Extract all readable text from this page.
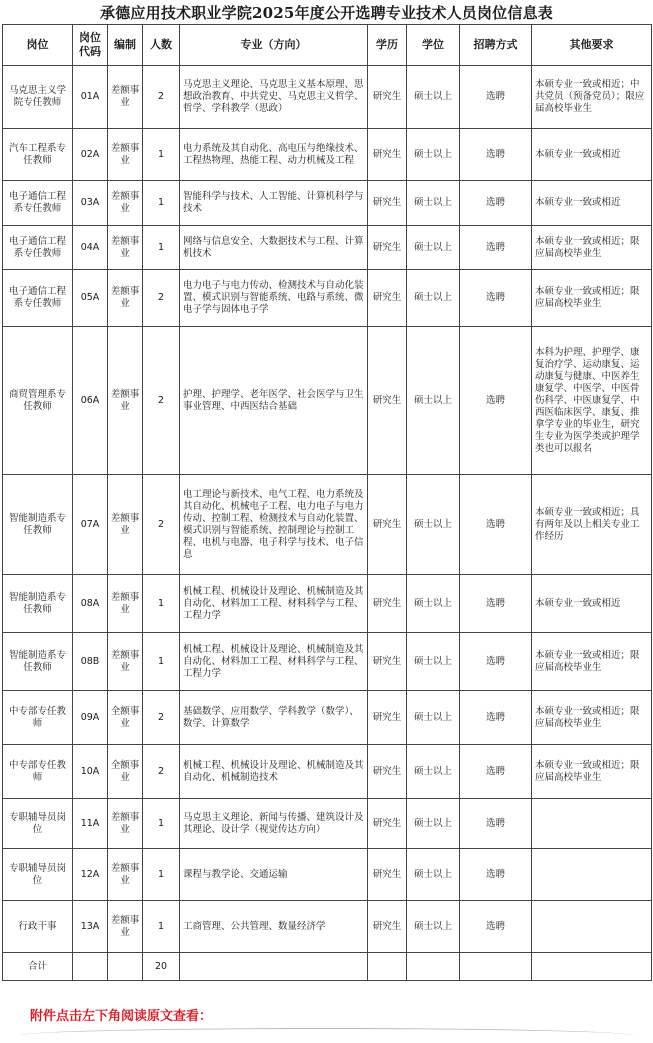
承德应用技术职业学院2025年度公开选聘专业技术人员岗位信息表
岗位	岗位代码	编制	人数	专业（方向）	学历	学位	招聘方式	其他要求
马克思主义学院专任教师	01A	差额事业	2	马克思主义理论、马克思主义基本原理、思想政治教育、中共党史、马克思主义哲学、哲学、学科教学（思政）	研究生	硕士以上	选聘	本硕专业一致或相近；中共党员（预备党员）；限应届高校毕业生
汽车工程系专任教师	02A	差额事业	1	电力系统及其自动化、高电压与绝缘技术、工程热物理、热能工程、动力机械及工程	研究生	硕士以上	选聘	本硕专业一致或相近
电子通信工程系专任教师	03A	差额事业	1	智能科学与技术、人工智能、计算机科学与技术	研究生	硕士以上	选聘	本硕专业一致或相近
电子通信工程系专任教师	04A	差额事业	1	网络与信息安全、大数据技术与工程、计算机技术	研究生	硕士以上	选聘	本硕专业一致或相近；限应届高校毕业生
电子通信工程系专任教师	05A	差额事业	2	电力电子与电力传动、检测技术与自动化装置、模式识别与智能系统、电路与系统、微电子学与固体电子学	研究生	硕士以上	选聘	本硕专业一致或相近；限应届高校毕业生
商贸管理系专任教师	06A	差额事业	2	护理、护理学、老年医学、社会医学与卫生事业管理、中西医结合基础	研究生	硕士以上	选聘	本科为护理、护理学、康复治疗学、运动康复、运动康复与健康、中医养生康复学、中医学、中医骨伤科学、中医康复学、中西医临床医学、康复、推拿学专业的毕业生，研究生专业为医学类或护理学类也可以报名
智能制造系专任教师	07A	差额事业	2	电工理论与新技术、电气工程、电力系统及其自动化、机械电子工程、电力电子与电力传动、控制工程、检测技术与自动化装置、模式识别与智能系统、控制理论与控制工程、电机与电器、电子科学与技术、电子信息	研究生	硕士以上	选聘	本硕专业一致或相近；具有两年及以上相关专业工作经历
智能制造系专任教师	08A	差额事业	1	机械工程、机械设计及理论、机械制造及其自动化、材料加工工程、材料科学与工程、工程力学	研究生	硕士以上	选聘	本硕专业一致或相近
智能制造系专任教师	08B	差额事业	1	机械工程、机械设计及理论、机械制造及其自动化、材料加工工程、材料科学与工程、工程力学	研究生	硕士以上	选聘	本硕专业一致或相近；限应届高校毕业生
中专部专任教师	09A	全额事业	2	基础数学、应用数学、学科教学（数学）、数学、计算数学	研究生	硕士以上	选聘	本硕专业一致或相近；限应届高校毕业生
中专部专任教师	10A	全额事业	2	机械工程、机械设计及理论、机械制造及其自动化、机械制造技术	研究生	硕士以上	选聘	本硕专业一致或相近；限应届高校毕业生
专职辅导员岗位	11A	差额事业	1	马克思主义理论、新闻与传播、建筑设计及其理论、设计学（视觉传达方向）	研究生	硕士以上	选聘	
专职辅导员岗位	12A	差额事业	1	课程与教学论、交通运输	研究生	硕士以上	选聘	
行政干事	13A	差额事业	1	工商管理、公共管理、数量经济学	研究生	硕士以上	选聘	
合计			20					
附件点击左下角阅读原文查看：
